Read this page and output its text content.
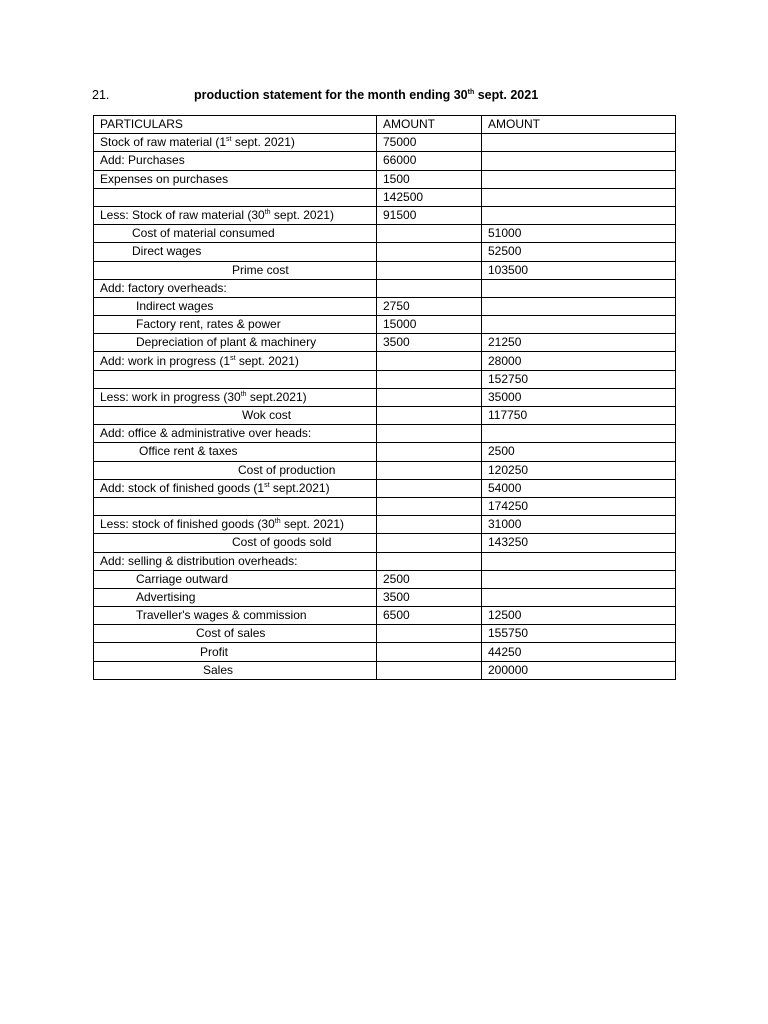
21.	production statement for the month ending 30th sept. 2021
PARTICULARS	AMOUNT	AMOUNT
Stock of raw material (1st sept. 2021)	75000	
Add: Purchases	66000	
Expenses on purchases	1500	
	142500	
Less: Stock of raw material (30th sept. 2021)	91500	
Cost of material consumed		51000
Direct wages		52500
Prime cost		103500
Add: factory overheads:		
Indirect wages	2750	
Factory rent, rates & power	15000	
Depreciation of plant & machinery	3500	21250
Add: work in progress (1st sept. 2021)		28000
		152750
Less: work in progress (30th sept.2021)		35000
Wok cost		117750
Add: office & administrative over heads:		
Office rent & taxes		2500
Cost of production		120250
Add: stock of finished goods (1st sept.2021)		54000
		174250
Less: stock of finished goods (30th sept. 2021)		31000
Cost of goods sold		143250
Add: selling & distribution overheads:		
Carriage outward	2500	
Advertising	3500	
Traveller's wages & commission	6500	12500
Cost of sales		155750
Profit		44250
Sales		200000
